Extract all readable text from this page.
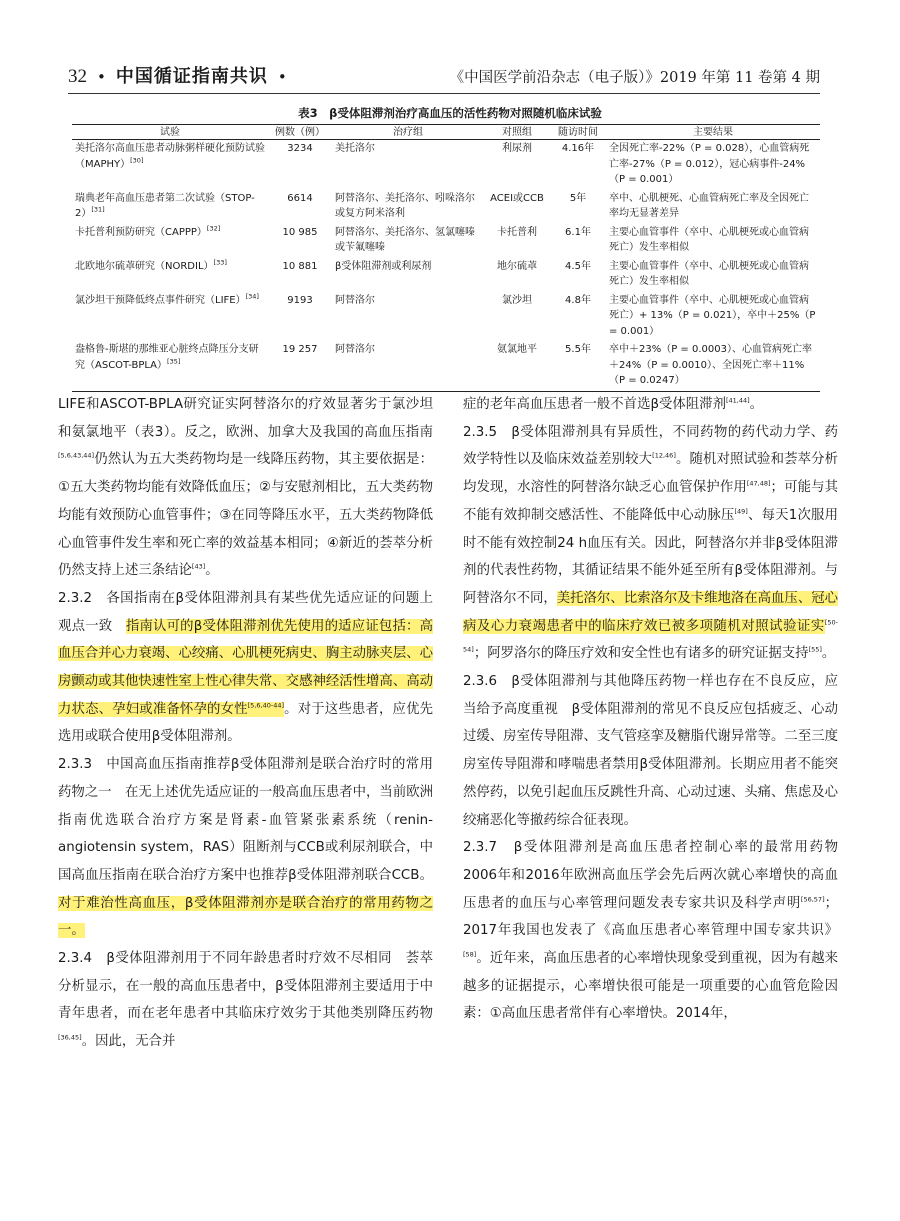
32 • 中国循证指南共识 •	《中国医学前沿杂志（电子版）》2019 年第 11 卷第 4 期
表3　β受体阻滞剂治疗高血压的活性药物对照随机临床试验
试验	例数（例）	治疗组	对照组	随访时间	主要结果
美托洛尔高血压患者动脉粥样硬化预防试验（MAPHY）[30]	3234	美托洛尔	利尿剂	4.16年	全因死亡率-22%（P = 0.028），心血管病死亡率-27%（P = 0.012），冠心病事件-24%（P = 0.001）
瑞典老年高血压患者第二次试验（STOP-2）[31]	6614	阿替洛尔、美托洛尔、吲哚洛尔或复方阿米洛利	ACEI或CCB	5年	卒中、心肌梗死、心血管病死亡率及全因死亡率均无显著差异
卡托普利预防研究（CAPPP）[32]	10 985	阿替洛尔、美托洛尔、氢氯噻嗪或苄氟噻嗪	卡托普利	6.1年	主要心血管事件（卒中、心肌梗死或心血管病死亡）发生率相似
北欧地尔硫䓬研究（NORDIL）[33]	10 881	β受体阻滞剂或利尿剂	地尔硫䓬	4.5年	主要心血管事件（卒中、心肌梗死或心血管病死亡）发生率相似
氯沙坦干预降低终点事件研究（LIFE）[34]	9193	阿替洛尔	氯沙坦	4.8年	主要心血管事件（卒中、心肌梗死或心血管病死亡）+ 13%（P = 0.021），卒中＋25%（P = 0.001）
盎格鲁-斯堪的那维亚心脏终点降压分支研究（ASCOT-BPLA）[35]	19 257	阿替洛尔	氨氯地平	5.5年	卒中＋23%（P = 0.0003）、心血管病死亡率＋24%（P = 0.0010）、全因死亡率＋11%（P = 0.0247）

LIFE和ASCOT-BPLA研究证实阿替洛尔的疗效显著劣于氯沙坦和氨氯地平（表3）。反之，欧洲、加拿大及我国的高血压指南[5,6,43,44]仍然认为五大类药物均是一线降压药物，其主要依据是：①五大类药物均能有效降低血压；②与安慰剂相比，五大类药物均能有效预防心血管事件；③在同等降压水平，五大类药物降低心血管事件发生率和死亡率的效益基本相同；④新近的荟萃分析仍然支持上述三条结论[43]。

2.3.2　各国指南在β受体阻滞剂具有某些优先适应证的问题上观点一致　指南认可的β受体阻滞剂优先使用的适应证包括：高血压合并心力衰竭、心绞痛、心肌梗死病史、胸主动脉夹层、心房颤动或其他快速性室上性心律失常、交感神经活性增高、高动力状态、孕妇或准备怀孕的女性[5,6,40-44]。对于这些患者，应优先选用或联合使用β受体阻滞剂。

2.3.3　中国高血压指南推荐β受体阻滞剂是联合治疗时的常用药物之一　在无上述优先适应证的一般高血压患者中，当前欧洲指南优选联合治疗方案是肾素-血管紧张素系统（renin-angiotensin system，RAS）阻断剂与CCB或利尿剂联合，中国高血压指南在联合治疗方案中也推荐β受体阻滞剂联合CCB。对于难治性高血压，β受体阻滞剂亦是联合治疗的常用药物之一。

2.3.4　β受体阻滞剂用于不同年龄患者时疗效不尽相同　荟萃分析显示，在一般的高血压患者中，β受体阻滞剂主要适用于中青年患者，而在老年患者中其临床疗效劣于其他类别降压药物[36,45]。因此，无合并

症的老年高血压患者一般不首选β受体阻滞剂[41,44]。

2.3.5　β受体阻滞剂具有异质性，不同药物的药代动力学、药效学特性以及临床效益差别较大[12,46]。随机对照试验和荟萃分析均发现，水溶性的阿替洛尔缺乏心血管保护作用[47,48]；可能与其不能有效抑制交感活性、不能降低中心动脉压[49]、每天1次服用时不能有效控制24 h血压有关。因此，阿替洛尔并非β受体阻滞剂的代表性药物，其循证结果不能外延至所有β受体阻滞剂。与阿替洛尔不同，美托洛尔、比索洛尔及卡维地洛在高血压、冠心病及心力衰竭患者中的临床疗效已被多项随机对照试验证实[50-54]；阿罗洛尔的降压疗效和安全性也有诸多的研究证据支持[55]。

2.3.6　β受体阻滞剂与其他降压药物一样也存在不良反应，应当给予高度重视　β受体阻滞剂的常见不良反应包括疲乏、心动过缓、房室传导阻滞、支气管痉挛及糖脂代谢异常等。二至三度房室传导阻滞和哮喘患者禁用β受体阻滞剂。长期应用者不能突然停药，以免引起血压反跳性升高、心动过速、头痛、焦虑及心绞痛恶化等撤药综合征表现。

2.3.7　β受体阻滞剂是高血压患者控制心率的最常用药物　2006年和2016年欧洲高血压学会先后两次就心率增快的高血压患者的血压与心率管理问题发表专家共识及科学声明[56,57]；2017年我国也发表了《高血压患者心率管理中国专家共识》[58]。近年来，高血压患者的心率增快现象受到重视，因为有越来越多的证据提示，心率增快很可能是一项重要的心血管危险因素：①高血压患者常伴有心率增快。2014年，
